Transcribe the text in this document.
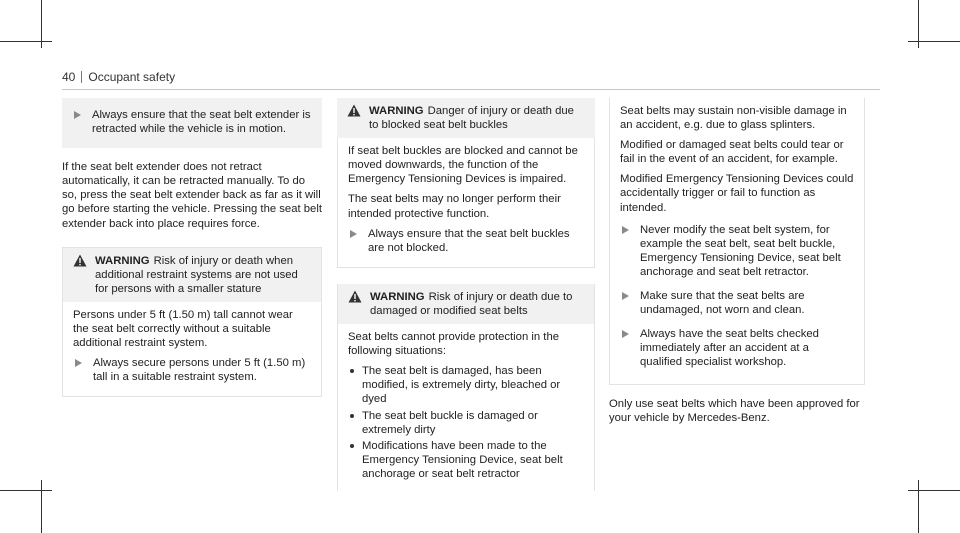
40 Occupant safety
Always ensure that the seat belt extender is retracted while the vehicle is in motion.

If the seat belt extender does not retract automatically, it can be retracted manually. To do so, press the seat belt extender back as far as it will go before starting the vehicle. Pressing the seat belt extender back into place requires force.

WARNING Risk of injury or death when additional restraint systems are not used for persons with a smaller stature

Persons under 5 ft (1.50 m) tall cannot wear the seat belt correctly without a suitable additional restraint system.

Always secure persons under 5 ft (1.50 m) tall in a suitable restraint system.
WARNING Danger of injury or death due to blocked seat belt buckles

If seat belt buckles are blocked and cannot be moved downwards, the function of the Emergency Tensioning Devices is impaired.

The seat belts may no longer perform their intended protective function.

Always ensure that the seat belt buckles are not blocked.
WARNING Risk of injury or death due to damaged or modified seat belts

Seat belts cannot provide protection in the following situations:

The seat belt is damaged, has been modified, is extremely dirty, bleached or dyed
The seat belt buckle is damaged or extremely dirty
Modifications have been made to the Emergency Tensioning Device, seat belt anchorage or seat belt retractor

Seat belts may sustain non-visible damage in an accident, e.g. due to glass splinters.

Modified or damaged seat belts could tear or fail in the event of an accident, for example.

Modified Emergency Tensioning Devices could accidentally trigger or fail to function as intended.

Never modify the seat belt system, for example the seat belt, seat belt buckle, Emergency Tensioning Device, seat belt anchorage and seat belt retractor.
Make sure that the seat belts are undamaged, not worn and clean.
Always have the seat belts checked immediately after an accident at a qualified specialist workshop.

Only use seat belts which have been approved for your vehicle by Mercedes-Benz.
